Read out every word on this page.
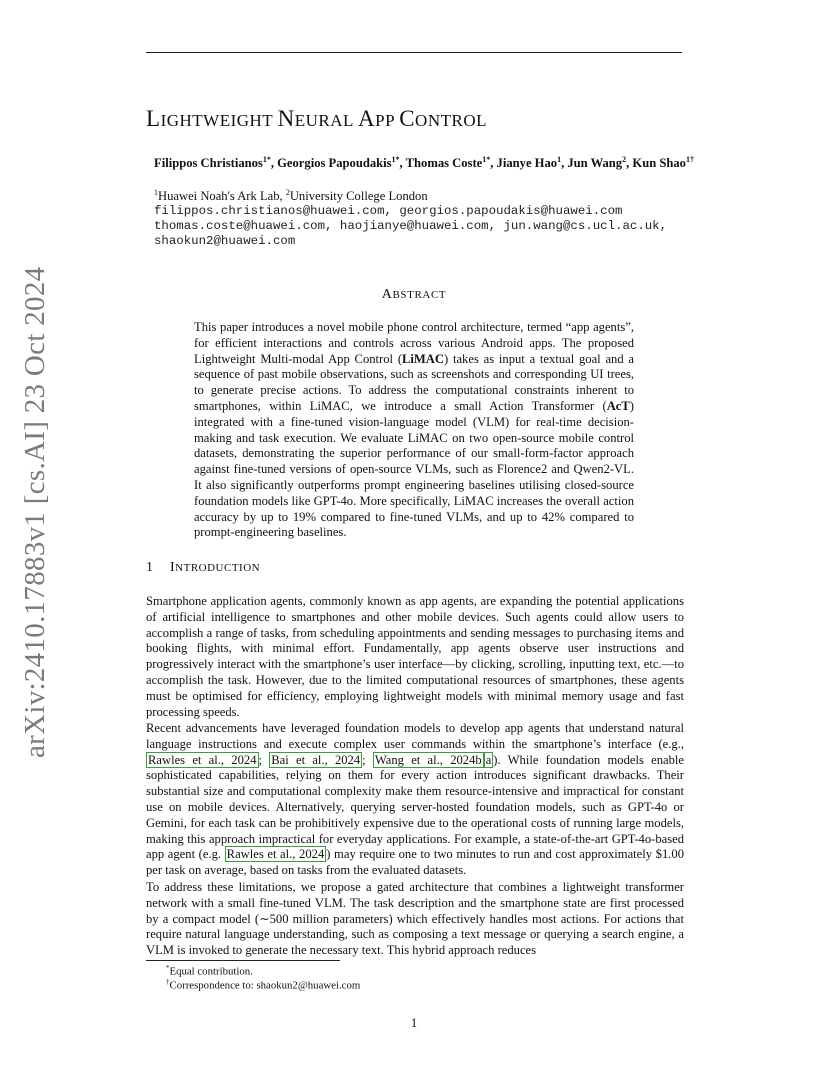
arXiv:2410.17883v1 [cs.AI] 23 Oct 2024
LIGHTWEIGHT NEURAL APP CONTROL
Filippos Christianos$^{1*}$, Georgios Papoudakis$^{1*}$, Thomas Coste$^{1*}$, Jianye Hao$^1$, Jun Wang$^2$, Kun Shao$^{1\dagger}$
$^1$Huawei Noah's Ark Lab, $^2$University College London
filippos.christianos@huawei.com, georgios.papoudakis@huawei.com
thomas.coste@huawei.com, haojianye@huawei.com, jun.wang@cs.ucl.ac.uk,
shaokun2@huawei.com
ABSTRACT
This paper introduces a novel mobile phone control architecture, termed “app agents”, for efficient interactions and controls across various Android apps. The proposed Lightweight Multi-modal App Control (LiMAC) takes as input a textual goal and a sequence of past mobile observations, such as screenshots and corresponding UI trees, to generate precise actions. To address the computational constraints inherent to smartphones, within LiMAC, we introduce a small Action Transformer (AcT) integrated with a fine-tuned vision-language model (VLM) for real-time decision-making and task execution. We evaluate LiMAC on two open-source mobile control datasets, demonstrating the superior performance of our small-form-factor approach against fine-tuned versions of open-source VLMs, such as Florence2 and Qwen2-VL. It also significantly outperforms prompt engineering baselines utilising closed-source foundation models like GPT-4o. More specifically, LiMAC increases the overall action accuracy by up to 19% compared to fine-tuned VLMs, and up to 42% compared to prompt-engineering baselines.
1 INTRODUCTION
Smartphone application agents, commonly known as app agents, are expanding the potential applications of artificial intelligence to smartphones and other mobile devices. Such agents could allow users to accomplish a range of tasks, from scheduling appointments and sending messages to purchasing items and booking flights, with minimal effort. Fundamentally, app agents observe user instructions and progressively interact with the smartphone’s user interface—by clicking, scrolling, inputting text, etc.—to accomplish the task. However, due to the limited computational resources of smartphones, these agents must be optimised for efficiency, employing lightweight models with minimal memory usage and fast processing speeds.
Recent advancements have leveraged foundation models to develop app agents that understand natural language instructions and execute complex user commands within the smartphone’s interface (e.g., Rawles et al., 2024 ; Bai et al., 2024 ; Wang et al., 2024b a ). While foundation models enable sophisticated capabilities, relying on them for every action introduces significant drawbacks. Their substantial size and computational complexity make them resource-intensive and impractical for constant use on mobile devices. Alternatively, querying server-hosted foundation models, such as GPT-4o or Gemini, for each task can be prohibitively expensive due to the operational costs of running large models, making this approach impractical for everyday applications. For example, a state-of-the-art GPT-4o-based app agent (e.g. Rawles et al., 2024 ) may require one to two minutes to run and cost approximately $1.00 per task on average, based on tasks from the evaluated datasets.
To address these limitations, we propose a gated architecture that combines a lightweight transformer network with a small fine-tuned VLM. The task description and the smartphone state are first processed by a compact model (∼500 million parameters) which effectively handles most actions. For actions that require natural language understanding, such as composing a text message or querying a search engine, a VLM is invoked to generate the necessary text. This hybrid approach reduces
*Equal contribution.
†Correspondence to: shaokun2@huawei.com
1
